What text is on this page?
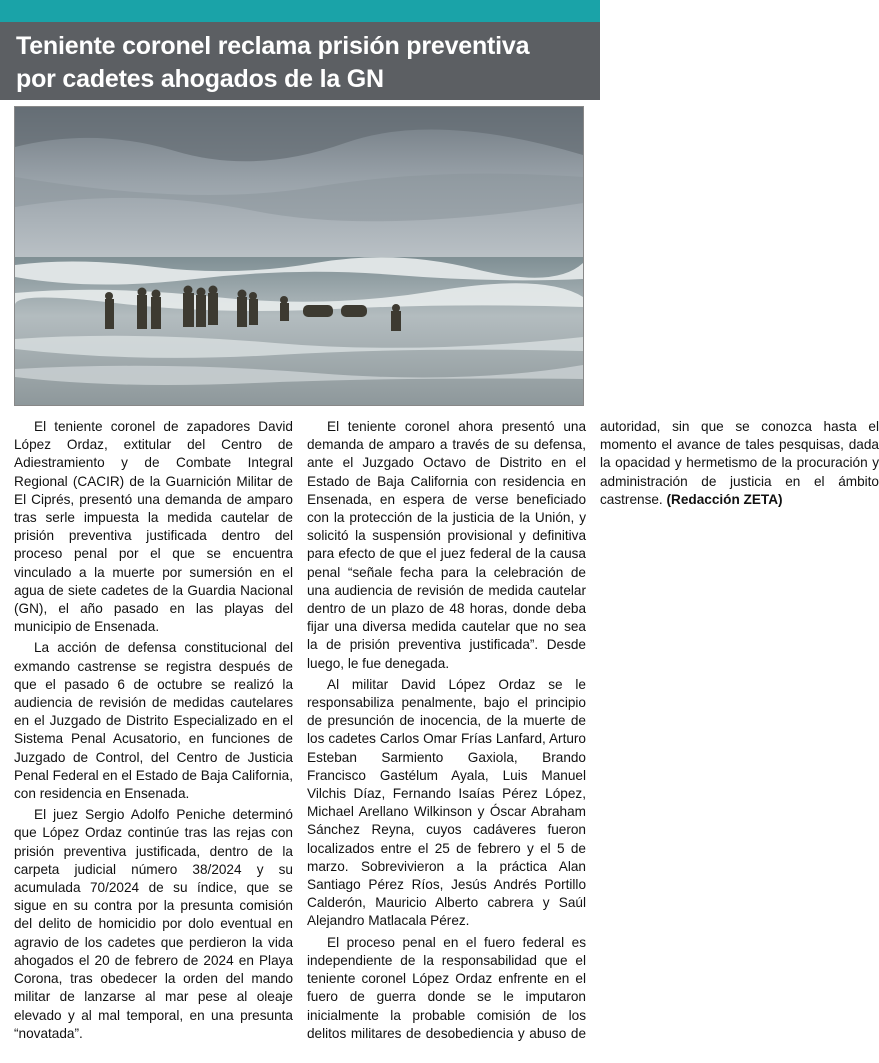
Teniente coronel reclama prisión preventiva
por cadetes ahogados de la GN

El teniente coronel de zapadores David López Ordaz, extitular del Centro de Adiestramiento y de Combate Integral Regional (CACIR) de la Guarnición Militar de El Ciprés, presentó una demanda de amparo tras serle impuesta la medida cautelar de prisión preventiva justificada dentro del proceso penal por el que se encuentra vinculado a la muerte por sumersión en el agua de siete cadetes de la Guardia Nacional (GN), el año pasado en las playas del municipio de Ensenada.

La acción de defensa constitucional del exmando castrense se registra después de que el pasado 6 de octubre se realizó la audiencia de revisión de medidas cautelares en el Juzgado de Distrito Especializado en el Sistema Penal Acusatorio, en funciones de Juzgado de Control, del Centro de Justicia Penal Federal en el Estado de Baja California, con residencia en Ensenada.

El juez Sergio Adolfo Peniche determinó que López Ordaz continúe tras las rejas con prisión preventiva justificada, dentro de la carpeta judicial número 38/2024 y su acumulada 70/2024 de su índice, que se sigue en su contra por la presunta comisión del delito de homicidio por dolo eventual en agravio de los cadetes que perdieron la vida ahogados el 20 de febrero de 2024 en Playa Corona, tras obedecer la orden del mando militar de lanzarse al mar pese al oleaje elevado y al mal temporal, en una presunta “novatada”.

El teniente coronel ahora presentó una demanda de amparo a través de su defensa, ante el Juzgado Octavo de Distrito en el Estado de Baja California con residencia en Ensenada, en espera de verse beneficiado con la protección de la justicia de la Unión, y solicitó la suspensión provisional y definitiva para efecto de que el juez federal de la causa penal “señale fecha para la celebración de una audiencia de revisión de medida cautelar dentro de un plazo de 48 horas, donde deba fijar una diversa medida cautelar que no sea la de prisión preventiva justificada”. Desde luego, le fue denegada.

Al militar David López Ordaz se le responsabiliza penalmente, bajo el principio de presunción de inocencia, de la muerte de los cadetes Carlos Omar Frías Lanfard, Arturo Esteban Sarmiento Gaxiola, Brando Francisco Gastélum Ayala, Luis Manuel Vilchis Díaz, Fernando Isaías Pérez López, Michael Arellano Wilkinson y Óscar Abraham Sánchez Reyna, cuyos cadáveres fueron localizados entre el 25 de febrero y el 5 de marzo. Sobrevivieron a la práctica Alan Santiago Pérez Ríos, Jesús Andrés Portillo Calderón, Mauricio Alberto cabrera y Saúl Alejandro Matlacala Pérez.

El proceso penal en el fuero federal es independiente de la responsabilidad que el teniente coronel López Ordaz enfrente en el fuero de guerra donde se le imputaron inicialmente la probable comisión de los delitos militares de desobediencia y abuso de autoridad, sin que se conozca hasta el momento el avance de tales pesquisas, dada la opacidad y hermetismo de la procuración y administración de justicia en el ámbito castrense. (Redacción ZETA)
